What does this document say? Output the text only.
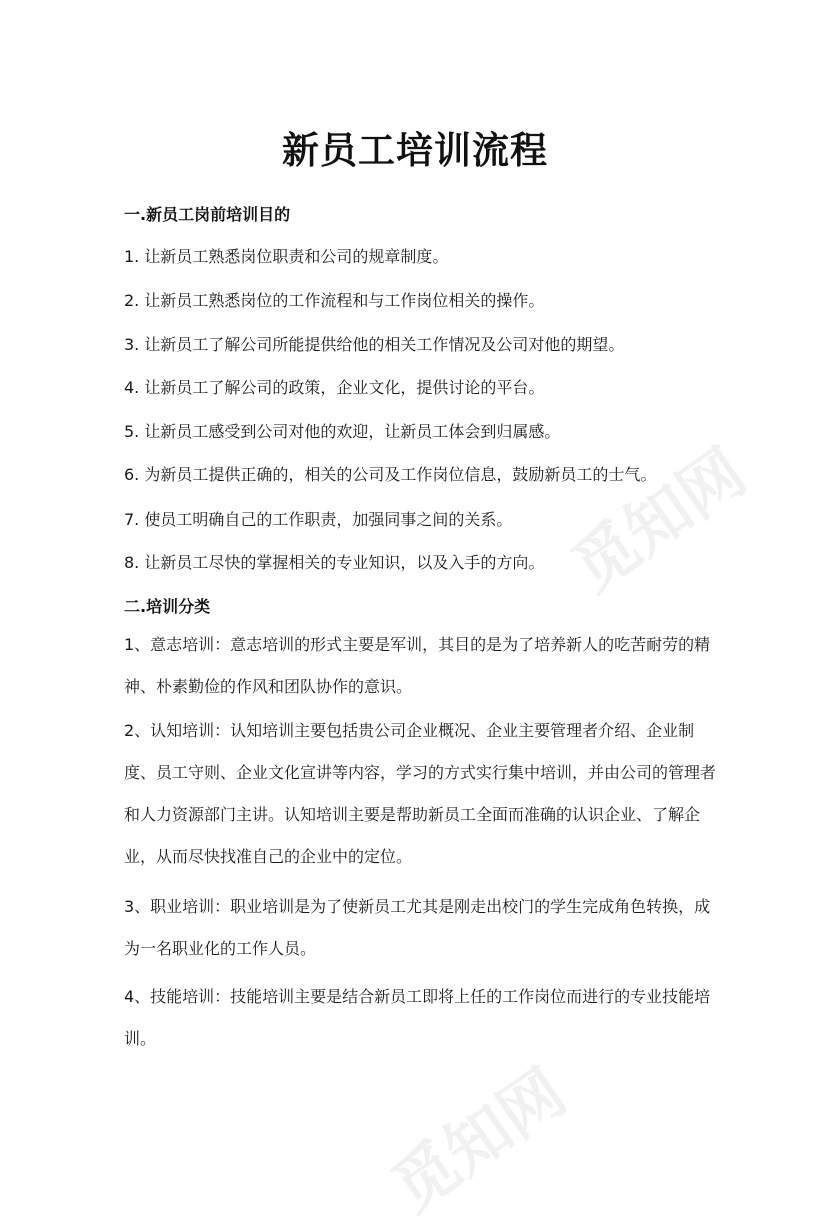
觅知网
觅知网
新员工培训流程
一.新员工岗前培训目的
1. 让新员工熟悉岗位职责和公司的规章制度。
2. 让新员工熟悉岗位的工作流程和与工作岗位相关的操作。
3. 让新员工了解公司所能提供给他的相关工作情况及公司对他的期望。
4. 让新员工了解公司的政策，企业文化，提供讨论的平台。
5. 让新员工感受到公司对他的欢迎，让新员工体会到归属感。
6. 为新员工提供正确的，相关的公司及工作岗位信息，鼓励新员工的士气。
7. 使员工明确自己的工作职责，加强同事之间的关系。
8. 让新员工尽快的掌握相关的专业知识，以及入手的方向。
二.培训分类
1、意志培训：意志培训的形式主要是军训，其目的是为了培养新人的吃苦耐劳的精神、朴素勤俭的作风和团队协作的意识。
2、认知培训：认知培训主要包括贵公司企业概况、企业主要管理者介绍、企业制度、员工守则、企业文化宣讲等内容，学习的方式实行集中培训，并由公司的管理者和人力资源部门主讲。认知培训主要是帮助新员工全面而准确的认识企业、了解企业，从而尽快找准自己的企业中的定位。
3、职业培训：职业培训是为了使新员工尤其是刚走出校门的学生完成角色转换，成为一名职业化的工作人员。
4、技能培训：技能培训主要是结合新员工即将上任的工作岗位而进行的专业技能培训。
